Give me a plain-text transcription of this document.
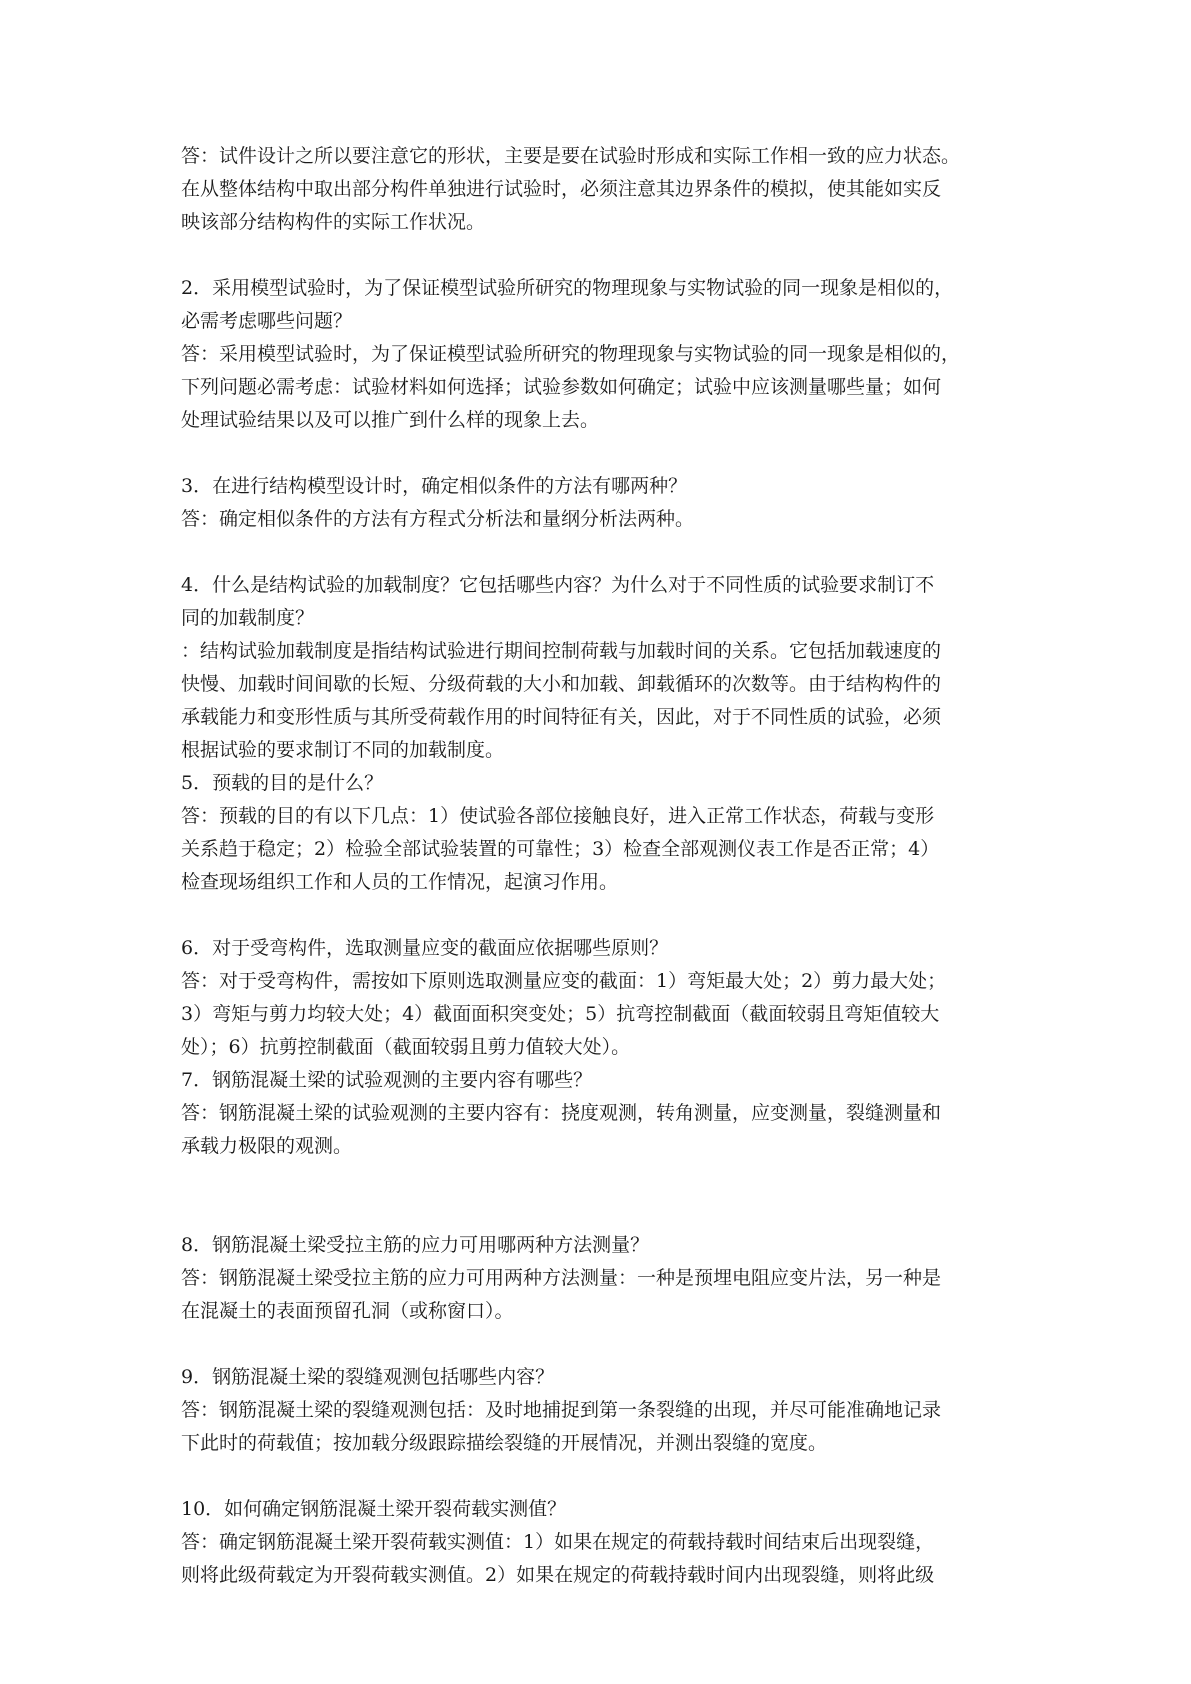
答：试件设计之所以要注意它的形状，主要是要在试验时形成和实际工作相一致的应力状态。
在从整体结构中取出部分构件单独进行试验时，必须注意其边界条件的模拟，使其能如实反
映该部分结构构件的实际工作状况。
2．采用模型试验时，为了保证模型试验所研究的物理现象与实物试验的同一现象是相似的，
必需考虑哪些问题？
答：采用模型试验时，为了保证模型试验所研究的物理现象与实物试验的同一现象是相似的，
下列问题必需考虑：试验材料如何选择；试验参数如何确定；试验中应该测量哪些量；如何
处理试验结果以及可以推广到什么样的现象上去。
3．在进行结构模型设计时，确定相似条件的方法有哪两种？
答：确定相似条件的方法有方程式分析法和量纲分析法两种。
4．什么是结构试验的加载制度？它包括哪些内容？为什么对于不同性质的试验要求制订不
同的加载制度？
：结构试验加载制度是指结构试验进行期间控制荷载与加载时间的关系。它包括加载速度的
快慢、加载时间间歇的长短、分级荷载的大小和加载、卸载循环的次数等。由于结构构件的
承载能力和变形性质与其所受荷载作用的时间特征有关，因此，对于不同性质的试验，必须
根据试验的要求制订不同的加载制度。
5．预载的目的是什么？
答：预载的目的有以下几点：1）使试验各部位接触良好，进入正常工作状态，荷载与变形
关系趋于稳定；2）检验全部试验装置的可靠性；3）检查全部观测仪表工作是否正常；4）
检查现场组织工作和人员的工作情况，起演习作用。
6．对于受弯构件，选取测量应变的截面应依据哪些原则？
答：对于受弯构件，需按如下原则选取测量应变的截面：1）弯矩最大处；2）剪力最大处；
3）弯矩与剪力均较大处；4）截面面积突变处；5）抗弯控制截面（截面较弱且弯矩值较大
处）；6）抗剪控制截面（截面较弱且剪力值较大处）。
7．钢筋混凝土梁的试验观测的主要内容有哪些？
答：钢筋混凝土梁的试验观测的主要内容有：挠度观测，转角测量，应变测量，裂缝测量和
承载力极限的观测。
8．钢筋混凝土梁受拉主筋的应力可用哪两种方法测量？
答：钢筋混凝土梁受拉主筋的应力可用两种方法测量：一种是预埋电阻应变片法，另一种是
在混凝土的表面预留孔洞（或称窗口）。
9．钢筋混凝土梁的裂缝观测包括哪些内容？
答：钢筋混凝土梁的裂缝观测包括：及时地捕捉到第一条裂缝的出现，并尽可能准确地记录
下此时的荷载值；按加载分级跟踪描绘裂缝的开展情况，并测出裂缝的宽度。
10．如何确定钢筋混凝土梁开裂荷载实测值？
答：确定钢筋混凝土梁开裂荷载实测值：1）如果在规定的荷载持载时间结束后出现裂缝，
则将此级荷载定为开裂荷载实测值。2）如果在规定的荷载持载时间内出现裂缝，则将此级
